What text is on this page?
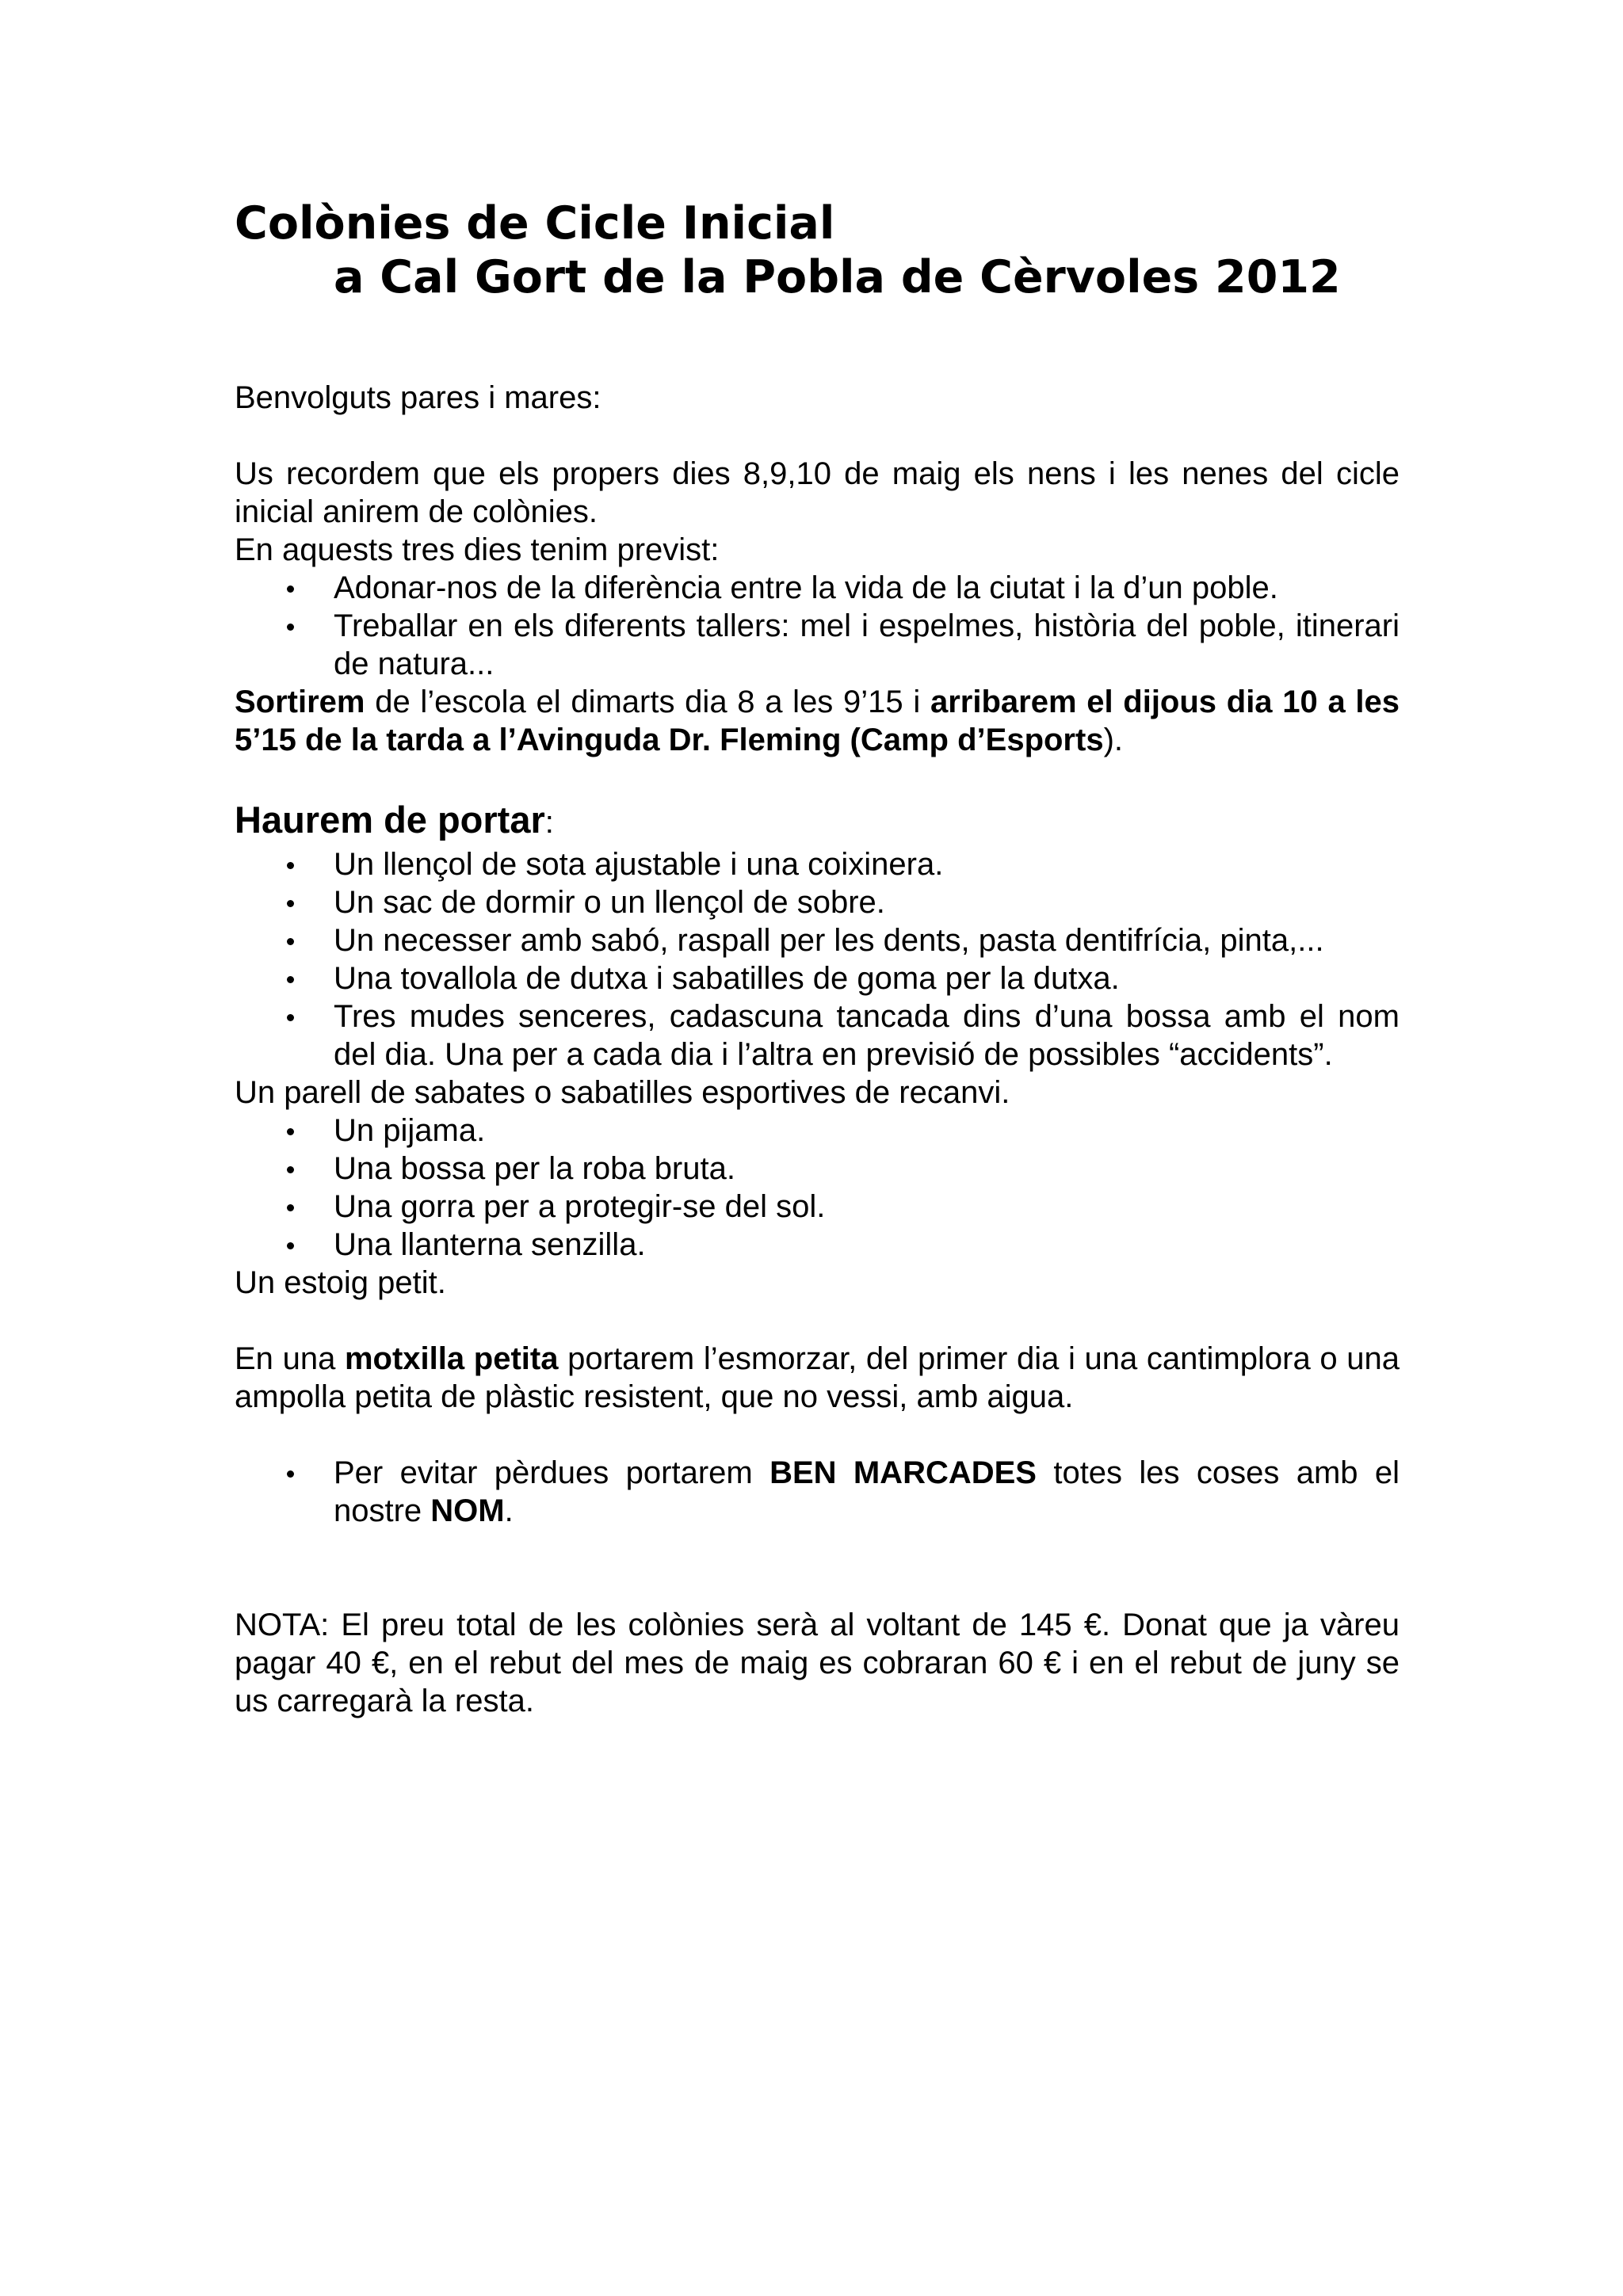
Colònies de Cicle Inicial
a Cal Gort de la Pobla de Cèrvoles 2012

Benvolguts pares i mares:

Us recordem que els propers dies 8,9,10 de maig els nens i les nenes del cicle inicial anirem de colònies.

En aquests tres dies tenim previst:

Adonar-nos de la diferència entre la vida de la ciutat i la d’un poble.
Treballar en els diferents tallers: mel i espelmes, història del poble, itinerari de natura...

Sortirem de l’escola el dimarts dia 8 a les 9’15 i arribarem el dijous dia 10 a les 5’15 de la tarda a l’Avinguda Dr. Fleming (Camp d’Esports).

Haurem de portar:
Un llençol de sota ajustable i una coixinera.
Un sac de dormir o un llençol de sobre.
Un necesser amb sabó, raspall per les dents, pasta dentifrícia, pinta,...
Una tovallola de dutxa i sabatilles de goma per la dutxa.
Tres mudes senceres, cadascuna tancada dins d’una bossa amb el nom del dia. Una per a cada dia i l’altra en previsió de possibles “accidents”.

Un parell de sabates o sabatilles esportives de recanvi.

Un pijama.
Una bossa per la roba bruta.
Una gorra per a protegir-se del sol.
Una llanterna senzilla.

Un estoig petit.

En una motxilla petita portarem l’esmorzar, del primer dia i una cantimplora o una ampolla petita de plàstic resistent, que no vessi, amb aigua.

Per evitar pèrdues portarem BEN MARCADES totes les coses amb el nostre NOM.

NOTA: El preu total de les colònies serà al voltant de 145 €. Donat que ja vàreu pagar 40 €, en el rebut del mes de maig es cobraran 60 € i en el rebut de juny se us carregarà la resta.
